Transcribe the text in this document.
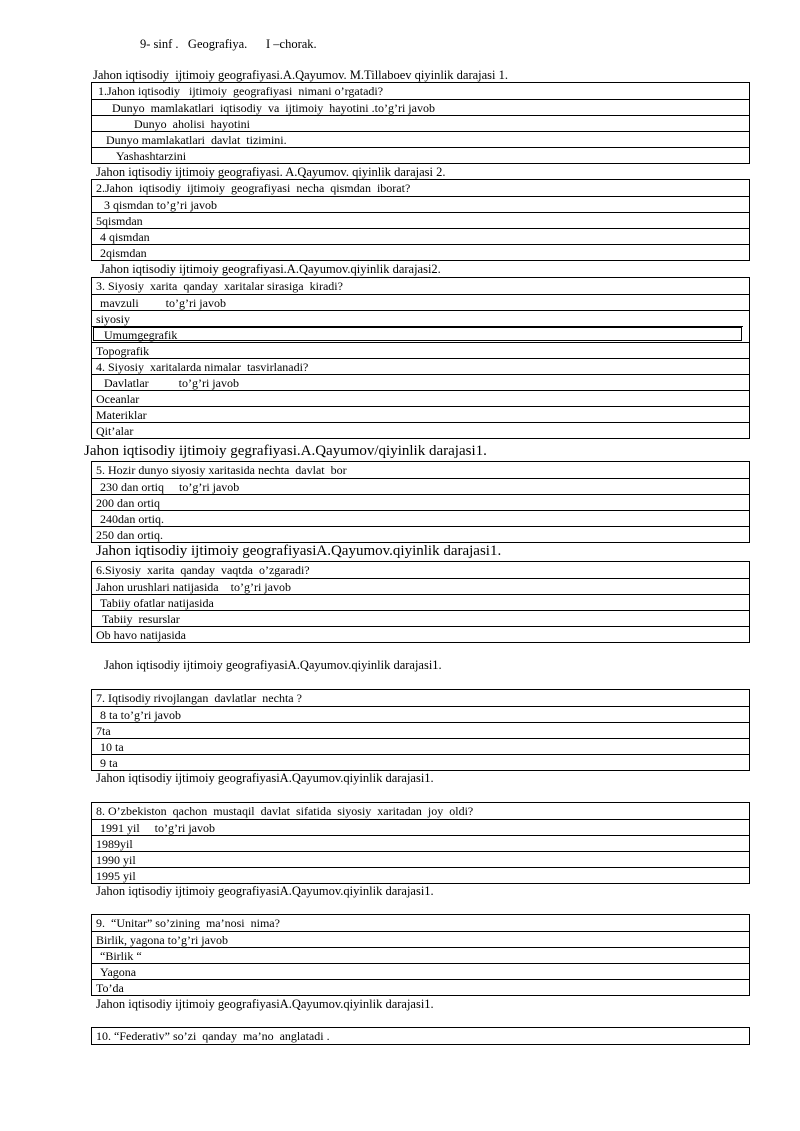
9- sinf .   Geografiya.      I –chorak.
Jahon iqtisodiy  ijtimoiy geografiyasi.A.Qayumov. M.Tillaboev qiyinlik darajasi 1.
1.Jahon iqtisodiy   ijtimoiy  geografiyasi  nimani o’rgatadi?
Dunyo  mamlakatlari  iqtisodiy  va  ijtimoiy  hayotini .to’g’ri javob
Dunyo  aholisi  hayotini
Dunyo mamlakatlari  davlat  tizimini.
Yashashtarzini
Jahon iqtisodiy ijtimoiy geografiyasi. A.Qayumov. qiyinlik darajasi 2.
2.Jahon  iqtisodiy  ijtimoiy  geografiyasi  necha  qismdan  iborat?
3 qismdan to’g’ri javob
5qismdan
4 qismdan
2qismdan
Jahon iqtisodiy ijtimoiy geografiyasi.A.Qayumov.qiyinlik darajasi2.
3. Siyosiy  xarita  qanday  xaritalar sirasiga  kiradi?
mavzuli         to’g’ri javob
siyosiy
Umumgegrafik
Topografik
4. Siyosiy  xaritalarda nimalar  tasvirlanadi?
Davlatlar          to’g’ri javob
Oceanlar
Materiklar
Qit’alar
Jahon iqtisodiy ijtimoiy gegrafiyasi.A.Qayumov/qiyinlik darajasi1.
5. Hozir dunyo siyosiy xaritasida nechta  davlat  bor
230 dan ortiq     to’g’ri javob
200 dan ortiq
240dan ortiq.
250 dan ortiq.
Jahon iqtisodiy ijtimoiy geografiyasiA.Qayumov.qiyinlik darajasi1.
6.Siyosiy  xarita  qanday  vaqtda  o’zgaradi?
Jahon urushlari natijasida    to’g’ri javob
Tabiiy ofatlar natijasida
Tabiiy  resurslar
Ob havo natijasida
Jahon iqtisodiy ijtimoiy geografiyasiA.Qayumov.qiyinlik darajasi1.
7. Iqtisodiy rivojlangan  davlatlar  nechta ?
8 ta to’g’ri javob
7ta
10 ta
9 ta
Jahon iqtisodiy ijtimoiy geografiyasiA.Qayumov.qiyinlik darajasi1.
8. O’zbekiston  qachon  mustaqil  davlat  sifatida  siyosiy  xaritadan  joy  oldi?
1991 yil     to’g’ri javob
1989yil
1990 yil
1995 yil
Jahon iqtisodiy ijtimoiy geografiyasiA.Qayumov.qiyinlik darajasi1.
9.  “Unitar” so’zining  ma’nosi  nima?
Birlik, yagona to’g’ri javob
“Birlik “
Yagona
To’da
Jahon iqtisodiy ijtimoiy geografiyasiA.Qayumov.qiyinlik darajasi1.
10. “Federativ” so’zi  qanday  ma’no  anglatadi .
